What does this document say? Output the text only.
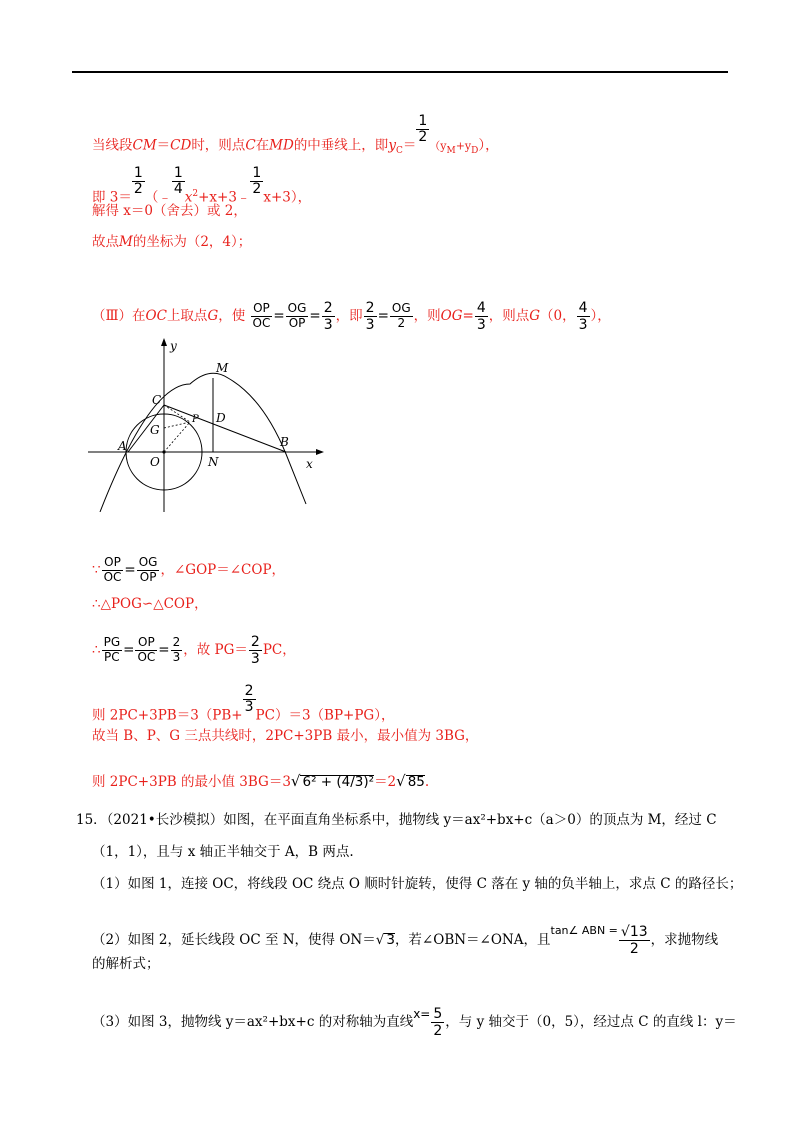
当线段CM＝CD时，则点C在MD的中垂线上，即$y_C= \frac{1}{2}$
$(y_M+y_D)$，
即 $3= \frac{1}{2}$ （﹣ $\frac{1}{4}$ $x^2+x+3﹣ \frac{1}{2} x+3$），
解得 x＝0（舍去）或 2，
故点M的坐标为（2，4）；
（Ⅲ）在OC上取点G，使 $\frac{OP}{OC} = \frac{OG}{OP} = \frac{2}{3}$ ，即 $\frac{2}{3} = \frac{OG}{2}$ ，则$OG= \frac{4}{3}$ ，则点G（0， $\frac{4}{3}$ ），
y
x
M
C
D
P
G
A	B
O	N
∵ $\frac{OP}{OC} = \frac{OG}{OP}$ ，∠GOP＝∠COP，
∴△POG∽△COP，
∴ $\frac{PG}{PC} = \frac{OP}{OC} = \frac{2}{3}$ ，故 $PG= \frac{2}{3}$ PC，
则 $2PC+3PB=3(PB+ \frac{2}{3} PC)=3(BP+PG)$，
故当 B、P、G 三点共线时，2PC+3PB 最小，最小值为 3BG，
则 2PC+3PB 的最小值 3BG＝3√ 6² + (4/3)²＝2√ 85.
15．（2021•长沙模拟）如图，在平面直角坐标系中，抛物线 y＝ax²+bx+c（a＞0）的顶点为 M，经过 C
（1，1），且与 x 轴正半轴交于 A，B 两点.
（1）如图 1，连接 OC，将线段 OC 绕点 O 顺时针旋转，使得 C 落在 y 轴的负半轴上，求点 C 的路径长；
（2）如图 2，延长线段 OC 至 N，使得 ON＝√ 3，若∠OBN＝∠ONA，且$^{tan\angle ABN =} \frac{√13}{2}$ ，求抛物线
的解析式；
（3）如图 3，抛物线 y＝ax²+bx+c 的对称轴为直线$x= \frac{5}{2}$ ，与 y 轴交于（0，5），经过点 C 的直线 l：y＝
